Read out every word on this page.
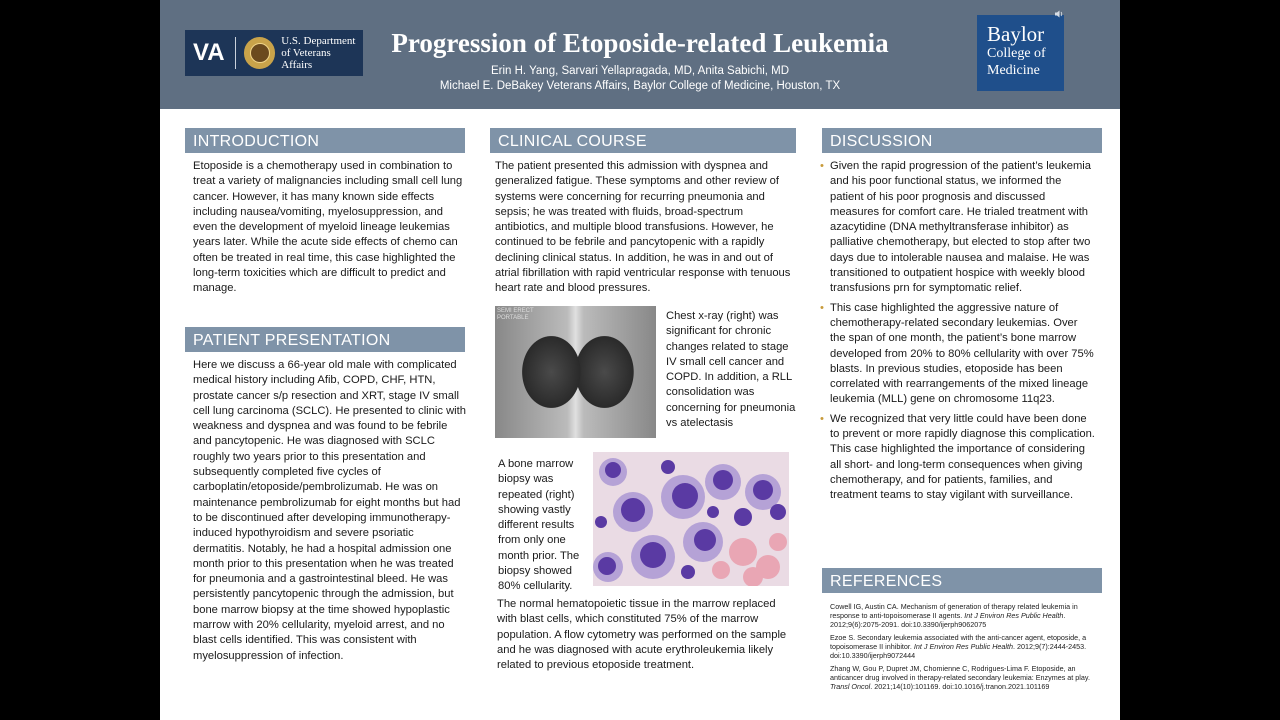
VA	U.S. Department
of Veterans Affairs
Progression of Etoposide-related Leukemia
Erin H. Yang, Sarvari Yellapragada, MD, Anita Sabichi, MD
Michael E. DeBakey Veterans Affairs, Baylor College of Medicine, Houston, TX
Baylor
College of
Medicine
INTRODUCTION
Etoposide is a chemotherapy used in combination to treat a variety of malignancies including small cell lung cancer. However, it has many known side effects including nausea/vomiting, myelosuppression, and even the development of myeloid lineage leukemias years later. While the acute side effects of chemo can often be treated in real time, this case highlighted the long-term toxicities which are difficult to predict and manage.
PATIENT PRESENTATION
Here we discuss a 66-year old male with complicated medical history including Afib, COPD, CHF, HTN, prostate cancer s/p resection and XRT, stage IV small cell lung carcinoma (SCLC). He presented to clinic with weakness and dyspnea and was found to be febrile and pancytopenic. He was diagnosed with SCLC roughly two years prior to this presentation and subsequently completed five cycles of carboplatin/etoposide/pembrolizumab. He was on maintenance pembrolizumab for eight months but had to be discontinued after developing immunotherapy-induced hypothyroidism and severe psoriatic dermatitis. Notably, he had a hospital admission one month prior to this presentation when he was treated for pneumonia and a gastrointestinal bleed. He was persistently pancytopenic through the admission, but bone marrow biopsy at the time showed hypoplastic marrow with 20% cellularity, myeloid arrest, and no blast cells identified. This was consistent with myelosuppression of infection.
CLINICAL COURSE
The patient presented this admission with dyspnea and generalized fatigue. These symptoms and other review of systems were concerning for recurring pneumonia and sepsis; he was treated with fluids, broad-spectrum antibiotics, and multiple blood transfusions. However, he continued to be febrile and pancytopenic with a rapidly declining clinical status. In addition, he was in and out of atrial fibrillation with rapid ventricular response with tenuous heart rate and blood pressures.
SEMI ERECT
PORTABLE	Chest x-ray (right) was significant for chronic changes related to stage IV small cell cancer and COPD. In addition, a RLL consolidation was concerning for pneumonia vs atelectasis
A bone marrow biopsy was repeated (right) showing vastly different results from only one month prior. The biopsy showed 80% cellularity.
The normal hematopoietic tissue in the marrow replaced with blast cells, which constituted 75% of the marrow population. A flow cytometry was performed on the sample and he was diagnosed with acute erythroleukemia likely related to previous etoposide treatment.
DISCUSSION
• Given the rapid progression of the patient’s leukemia and his poor functional status, we informed the patient of his poor prognosis and discussed measures for comfort care. He trialed treatment with azacytidine (DNA methyltransferase inhibitor) as palliative chemotherapy, but elected to stop after two days due to intolerable nausea and malaise. He was transitioned to outpatient hospice with weekly blood transfusions prn for symptomatic relief.
• This case highlighted the aggressive nature of chemotherapy-related secondary leukemias. Over the span of one month, the patient’s bone marrow developed from 20% to 80% cellularity with over 75% blasts. In previous studies, etoposide has been correlated with rearrangements of the mixed lineage leukemia (MLL) gene on chromosome 11q23.
• We recognized that very little could have been done to prevent or more rapidly diagnose this complication. This case highlighted the importance of considering all short- and long-term consequences when giving chemotherapy, and for patients, families, and treatment teams to stay vigilant with surveillance.
REFERENCES

Cowell IG, Austin CA. Mechanism of generation of therapy related leukemia in response to anti-topoisomerase II agents. Int J Environ Res Public Health. 2012;9(6):2075-2091. doi:10.3390/ijerph9062075

Ezoe S. Secondary leukemia associated with the anti-cancer agent, etoposide, a topoisomerase II inhibitor. Int J Environ Res Public Health. 2012;9(7):2444-2453. doi:10.3390/ijerph9072444

Zhang W, Gou P, Dupret JM, Chomienne C, Rodrigues-Lima F. Etoposide, an anticancer drug involved in therapy-related secondary leukemia: Enzymes at play. Transl Oncol. 2021;14(10):101169. doi:10.1016/j.tranon.2021.101169
